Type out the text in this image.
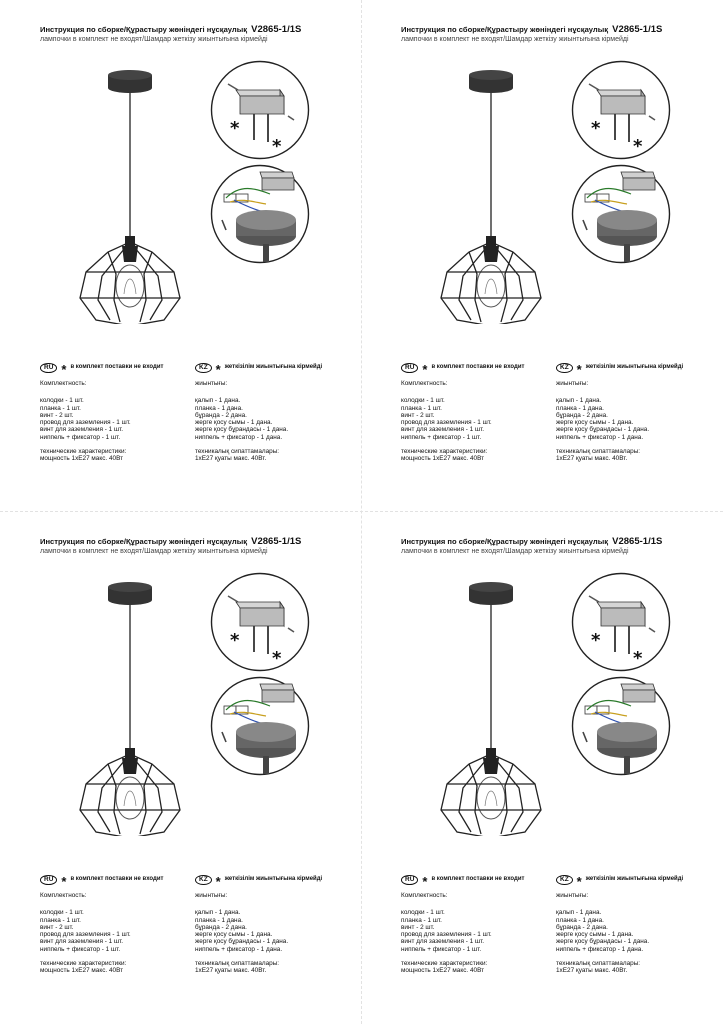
Инструкция по сборке/Құрастыру жөніндегі нұсқаулық V2865-1/1S
лампочки в комплект не входят/Шамдар жеткізу жиынтығына кірмейді
*
*
RU * в комплект поставки не входит
Комплектность:
колодки - 1 шт.
планка - 1 шт.
винт - 2 шт.
провод для заземления - 1 шт.
винт для заземления - 1 шт.
ниппель + фиксатор - 1 шт.
технические характеристики:
мощность 1хЕ27 макс. 40Вт
KZ * жеткізілім жиынтығына кірмейді
жиынтығы:
қалып - 1 дана.
планка - 1 дана.
бұранда - 2 дана.
жерге қосу сымы - 1 дана.
жерге қосу бұрандасы - 1 дана.
ниппель + фиксатор - 1 дана.
техникалық сипаттамалары:
1хЕ27 қуаты макс. 40Вт.
Инструкция по сборке/Құрастыру жөніндегі нұсқаулық V2865-1/1S
лампочки в комплект не входят/Шамдар жеткізу жиынтығына кірмейді
*
*
RU * в комплект поставки не входит
Комплектность:
колодки - 1 шт.
планка - 1 шт.
винт - 2 шт.
провод для заземления - 1 шт.
винт для заземления - 1 шт.
ниппель + фиксатор - 1 шт.
технические характеристики:
мощность 1хЕ27 макс. 40Вт
KZ * жеткізілім жиынтығына кірмейді
жиынтығы:
қалып - 1 дана.
планка - 1 дана.
бұранда - 2 дана.
жерге қосу сымы - 1 дана.
жерге қосу бұрандасы - 1 дана.
ниппель + фиксатор - 1 дана.
техникалық сипаттамалары:
1хЕ27 қуаты макс. 40Вт.
Инструкция по сборке/Құрастыру жөніндегі нұсқаулық V2865-1/1S
лампочки в комплект не входят/Шамдар жеткізу жиынтығына кірмейді
*
*
RU * в комплект поставки не входит
Комплектность:
колодки - 1 шт.
планка - 1 шт.
винт - 2 шт.
провод для заземления - 1 шт.
винт для заземления - 1 шт.
ниппель + фиксатор - 1 шт.
технические характеристики:
мощность 1хЕ27 макс. 40Вт
KZ * жеткізілім жиынтығына кірмейді
жиынтығы:
қалып - 1 дана.
планка - 1 дана.
бұранда - 2 дана.
жерге қосу сымы - 1 дана.
жерге қосу бұрандасы - 1 дана.
ниппель + фиксатор - 1 дана.
техникалық сипаттамалары:
1хЕ27 қуаты макс. 40Вт.
Инструкция по сборке/Құрастыру жөніндегі нұсқаулық V2865-1/1S
лампочки в комплект не входят/Шамдар жеткізу жиынтығына кірмейді
*
*
RU * в комплект поставки не входит
Комплектность:
колодки - 1 шт.
планка - 1 шт.
винт - 2 шт.
провод для заземления - 1 шт.
винт для заземления - 1 шт.
ниппель + фиксатор - 1 шт.
технические характеристики:
мощность 1хЕ27 макс. 40Вт
KZ * жеткізілім жиынтығына кірмейді
жиынтығы:
қалып - 1 дана.
планка - 1 дана.
бұранда - 2 дана.
жерге қосу сымы - 1 дана.
жерге қосу бұрандасы - 1 дана.
ниппель + фиксатор - 1 дана.
техникалық сипаттамалары:
1хЕ27 қуаты макс. 40Вт.
